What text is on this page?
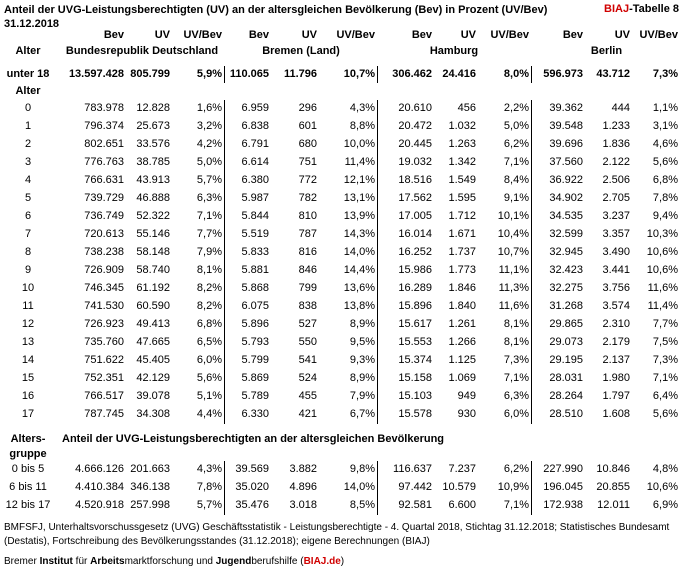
Anteil der UVG-Leistungsberechtigten (UV) an der altersgleichen Bevölkerung (Bev) in Prozent (UV/Bev)
31.12.2018
BIAJ-Tabelle 8
Bev	UV	UV/Bev	Bev	UV	UV/Bev	Bev	UV	UV/Bev	Bev	UV UV/Bev
Alter	Bundesrepublik Deutschland	Bremen (Land)	Hamburg	Berlin
unter 18	13.597.428 805.799	5,9% 110.065	11.796	10,7%	306.462 24.416	8,0%	596.973	43.712	7,3%
Alter
0	783.978	12.828	1,6%	6.959	296	4,3%	20.610	456	2,2%	39.362	444	1,1%
1	796.374	25.673	3,2%	6.838	601	8,8%	20.472	1.032	5,0%	39.548	1.233	3,1%
2	802.651	33.576	4,2%	6.791	680	10,0%	20.445	1.263	6,2%	39.696	1.836	4,6%
3	776.763	38.785	5,0%	6.614	751	11,4%	19.032	1.342	7,1%	37.560	2.122	5,6%
4	766.631	43.913	5,7%	6.380	772	12,1%	18.516	1.549	8,4%	36.922	2.506	6,8%
5	739.729	46.888	6,3%	5.987	782	13,1%	17.562	1.595	9,1%	34.902	2.705	7,8%
6	736.749	52.322	7,1%	5.844	810	13,9%	17.005	1.712	10,1%	34.535	3.237	9,4%
7	720.613	55.146	7,7%	5.519	787	14,3%	16.014	1.671	10,4%	32.599	3.357	10,3%
8	738.238	58.148	7,9%	5.833	816	14,0%	16.252	1.737	10,7%	32.945	3.490	10,6%
9	726.909	58.740	8,1%	5.881	846	14,4%	15.986	1.773	11,1%	32.423	3.441	10,6%
10	746.345	61.192	8,2%	5.868	799	13,6%	16.289	1.846	11,3%	32.275	3.756	11,6%
11	741.530	60.590	8,2%	6.075	838	13,8%	15.896	1.840	11,6%	31.268	3.574	11,4%
12	726.923	49.413	6,8%	5.896	527	8,9%	15.617	1.261	8,1%	29.865	2.310	7,7%
13	735.760	47.665	6,5%	5.793	550	9,5%	15.553	1.266	8,1%	29.073	2.179	7,5%
14	751.622	45.405	6,0%	5.799	541	9,3%	15.374	1.125	7,3%	29.195	2.137	7,3%
15	752.351	42.129	5,6%	5.869	524	8,9%	15.158	1.069	7,1%	28.031	1.980	7,1%
16	766.517	39.078	5,1%	5.789	455	7,9%	15.103	949	6,3%	28.264	1.797	6,4%
17	787.745	34.308	4,4%	6.330	421	6,7%	15.578	930	6,0%	28.510	1.608	5,6%
Alters-	Anteil der UVG-Leistungsberechtigten an der altersgleichen Bevölkerung
gruppe
0 bis 5	4.666.126 201.663	4,3%	39.569	3.882	9,8%	116.637	7.237	6,2%	227.990	10.846	4,8%
6 bis 11	4.410.384 346.138	7,8%	35.020	4.896	14,0%	97.442 10.579	10,9%	196.045	20.855	10,6%
12 bis 17	4.520.918 257.998	5,7%	35.476	3.018	8,5%	92.581	6.600	7,1%	172.938	12.011	6,9%
BMFSFJ, Unterhaltsvorschussgesetz (UVG) Geschäftsstatistik - Leistungsberechtigte - 4. Quartal 2018, Stichtag 31.12.2018; Statistisches Bundesamt (Destatis), Fortschreibung des Bevölkerungsstandes (31.12.2018); eigene Berechnungen (BIAJ)
Bremer Institut für Arbeitsmarktforschung und Jugendberufshilfe (BIAJ.de)
